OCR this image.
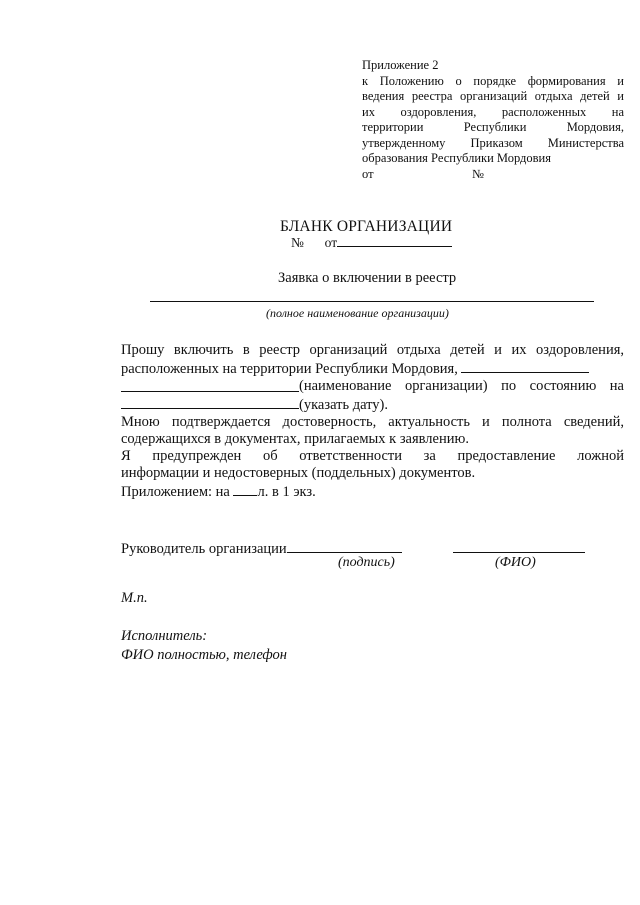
Приложение 2
к Положению о порядке формирования и
ведения реестра организаций отдыха детей и
их оздоровления, расположенных на
территории Республики Мордовия,
утвержденному Приказом Министерства
образования Республики Мордовия
от	№
БЛАНК ОРГАНИЗАЦИИ
№ от
Заявка о включении в реестр
(полное наименование организации)
Прошу включить в реестр организаций отдыха детей и их оздоровления,
расположенных на территории Республики Мордовия,
(наименование организации) по состоянию на
(указать дату).
Мною подтверждается достоверность, актуальность и полнота сведений,
содержащихся в документах, прилагаемых к заявлению.
Я предупрежден об ответственности за предоставление ложной
информации и недостоверных (поддельных) документов.
Приложением: на л. в 1 экз.
Руководитель организации
(подпись)	(ФИО)
М.п.
Исполнитель:
ФИО полностью, телефон
